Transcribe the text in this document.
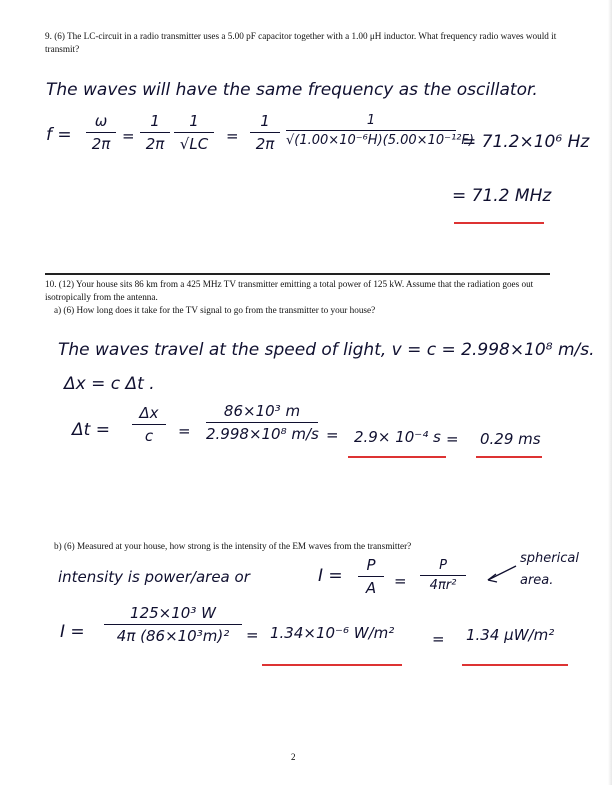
9. (6) The LC-circuit in a radio transmitter uses a 5.00 pF capacitor together with a 1.00 μH inductor. What frequency radio waves would it transmit?
The waves will have the same frequency as the oscillator.
$f = \frac{\omega}{2\pi} = \frac{1}{2\pi} \frac{1}{√LC} = \frac{1}{2\pi} \frac{1}{\text{√(1.00×10⁻⁶H)(5.00×10⁻¹²F)}} = 71.2\times 10^6$ Hz
= 71.2 MHz
10. (12) Your house sits 86 km from a 425 MHz TV transmitter emitting a total power of 125 kW. Assume that the radiation goes out isotropically from the antenna.
a) (6) How long does it take for the TV signal to go from the transmitter to your house?
The waves travel at the speed of light, v = c = 2.998×10⁸ m/s.
Δx = c Δt .
$\Delta t = \frac{\Delta x}{c} = \frac{\text{86×10³ m}}{\text{2.998×10⁸ m/s}} = 2.9\times 10^{-4}$ s = 0.29 ms
b) (6) Measured at your house, how strong is the intensity of the EM waves from the transmitter?
intensity is power/area or	$I = \frac{P}{A} = \frac{P}{\text{4πr²}}$	spherical area.
$I = \frac{\text{125×10³ W}}{\text{4π (86×10³m)²}} = 1.34\times 10^{-6}$ W/m²	= 1.34 μW/m²
2
